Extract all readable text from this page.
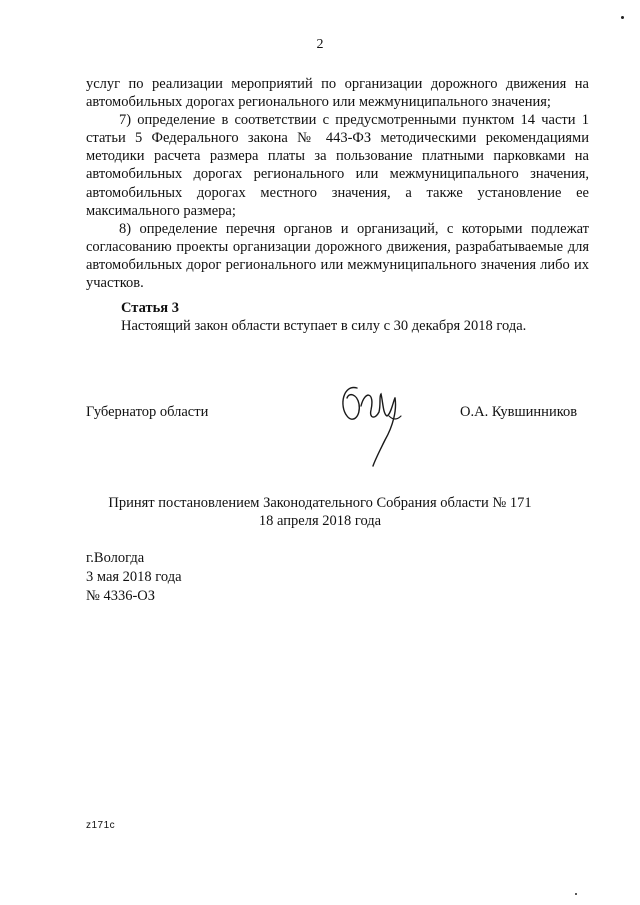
2

услуг по реализации мероприятий по организации дорожного движения на автомобильных дорогах регионального или межмуниципального значения;

7) определение в соответствии с предусмотренными пунктом 14 части 1 статьи 5 Федерального закона № 443-ФЗ методическими рекомендациями методики расчета размера платы за пользование платными парковками на автомобильных дорогах регионального или межмуниципального значения, автомобильных дорогах местного значения, а также установление ее максимального размера;

8) определение перечня органов и организаций, с которыми подлежат согласованию проекты организации дорожного движения, разрабатываемые для автомобильных дорог регионального или межмуниципального значения либо их участков.

Статья 3
Настоящий закон области вступает в силу с 30 декабря 2018 года.
Губернатор области	О.А. Кувшинников
Принят постановлением Законодательного Собрания области № 171
18 апреля 2018 года
г.Вологда
3 мая 2018 года
№ 4336-ОЗ
z171c
